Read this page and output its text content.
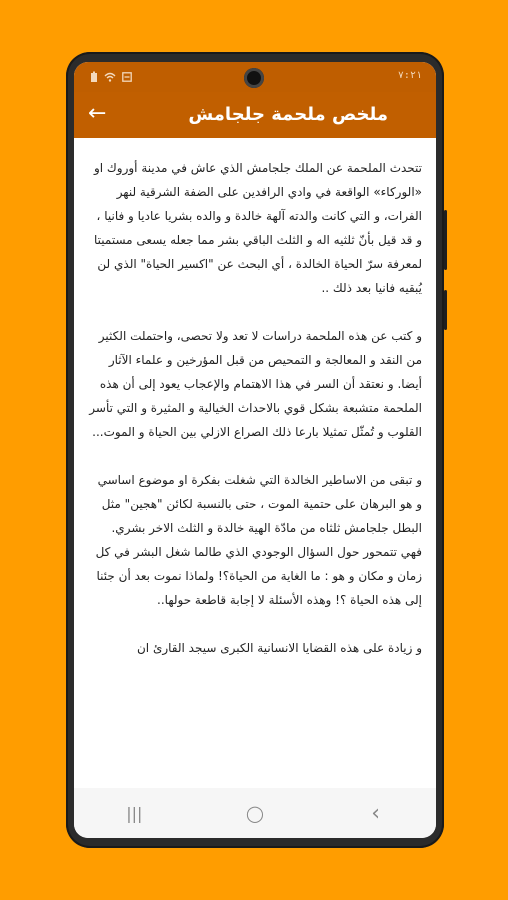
٧:٢١
←	ملخص ملحمة جلجامش

تتحدث الملحمة عن الملك جلجامش الذي عاش في مدينة أوروك او «الوركاء» الواقعة في وادي الرافدين على الضفة الشرقية لنهر الفرات، و التي كانت والدته آلهة خالدة و والده بشريا عاديا و فانيا ، و قد قيل بأنّ ثلثيه اله و الثلث الباقي بشر مما جعله يسعى مستميتا لمعرفة سرّ الحياة الخالدة ، أي البحث عن "اكسير الحياة" الذي لن يُبقيه فانيا بعد ذلك ..

و كتب عن هذه الملحمة دراسات لا تعد ولا تحصى، واحتملت الكثير من النقد و المعالجة و التمحيص من قبل المؤرخين و علماء الآثار أيضا. و نعتقد أن السر في هذا الاهتمام والإعجاب يعود إلى أن هذه الملحمة متشبعة بشكل قوي بالاحداث الخيالية و المثيرة و التي تأسر القلوب و تُمثّل تمثيلا بارعا ذلك الصراع الازلي بين الحياة و الموت...

و تبقى من الاساطير الخالدة التي شغلت بفكرة او موضوع اساسي و هو البرهان على حتمية الموت ، حتى بالنسبة لكائن "هجين" مثل البطل جلجامش ثلثاه من مادّة الهية خالدة و الثلث الاخر بشري. فهي تتمحور حول السؤال الوجودي الذي طالما شغل البشر في كل زمان و مكان و هو : ما الغاية من الحياة؟! ولماذا نموت بعد أن جئنا إلى هذه الحياة ؟! وهذه الأسئلة لا إجابة قاطعة حولها..

و زيادة على هذه القضايا الانسانية الكبرى سيجد القارئ ان

|||	◯	‹
